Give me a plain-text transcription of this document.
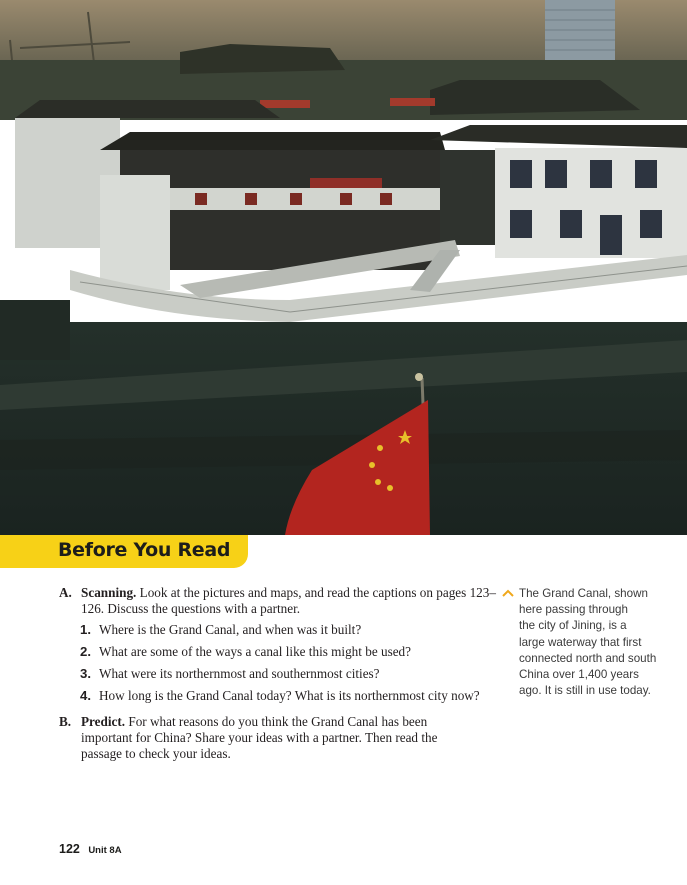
Before You Read
A. Scanning. Look at the pictures and maps, and read the captions on pages 123–126. Discuss the questions with a partner.
1. Where is the Grand Canal, and when was it built?
2. What are some of the ways a canal like this might be used?
3. What were its northernmost and southernmost cities?
4. How long is the Grand Canal today? What is its northernmost city now?
B. Predict. For what reasons do you think the Grand Canal has been important for China? Share your ideas with a partner. Then read the passage to check your ideas.
The Grand Canal, shown
here passing through
the city of Jining, is a
large waterway that first
connected north and south
China over 1,400 years
ago. It is still in use today.
122 Unit 8A
